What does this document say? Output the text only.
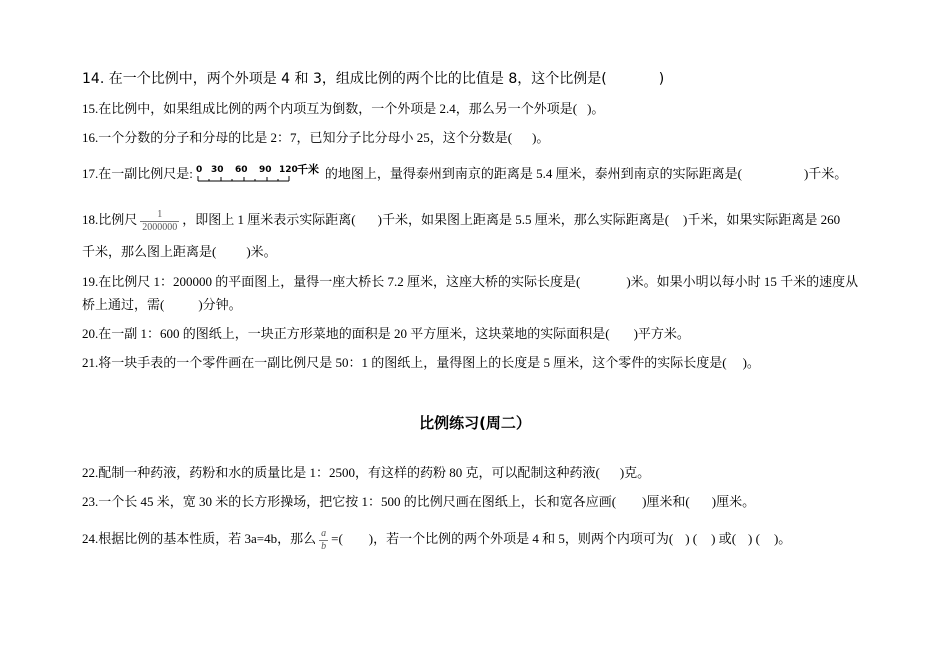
14. 在一个比例中，两个外项是 4 和 3，组成比例的两个比的比值是 8，这个比例是(	)
15.在比例中，如果组成比例的两个内项互为倒数，一个外项是 2.4，那么另一个外项是( )。
16.一个分数的分子和分母的比是 2：7，已知分子比分母小 25，这个分数是( )。
17.在一副比例尺是: 0 30 60 90 120 千米 的地图上，量得泰州到南京的距离是 5.4 厘米，泰州到南京的实际距离是(	)千米。
18.比例尺 $\frac{1}{2000000}$ ，即图上 1 厘米表示实际距离( )千米，如果图上距离是 5.5 厘米，那么实际距离是( )千米，如果实际距离是 260
千米，那么图上距离是( )米。
19.在比例尺 1：200000 的平面图上，量得一座大桥长 7.2 厘米，这座大桥的实际长度是(	)米。如果小明以每小时 15 千米的速度从
桥上通过，需(	)分钟。
20.在一副 1：600 的图纸上，一块正方形菜地的面积是 20 平方厘米，这块菜地的实际面积是( )平方米。
21.将一块手表的一个零件画在一副比例尺是 50：1 的图纸上，量得图上的长度是 5 厘米，这个零件的实际长度是( )。
比例练习(周二）
22.配制一种药液，药粉和水的质量比是 1：2500，有这样的药粉 80 克，可以配制这种药液( )克。
23.一个长 45 米，宽 30 米的长方形操场，把它按 1：500 的比例尺画在图纸上，长和宽各应画( )厘米和( )厘米。
24.根据比例的基本性质，若 3a=4b，那么 $\frac{a}{b}$ =( )，若一个比例的两个外项是 4 和 5，则两个内项可为( ) ( ) 或( ) ( )。
